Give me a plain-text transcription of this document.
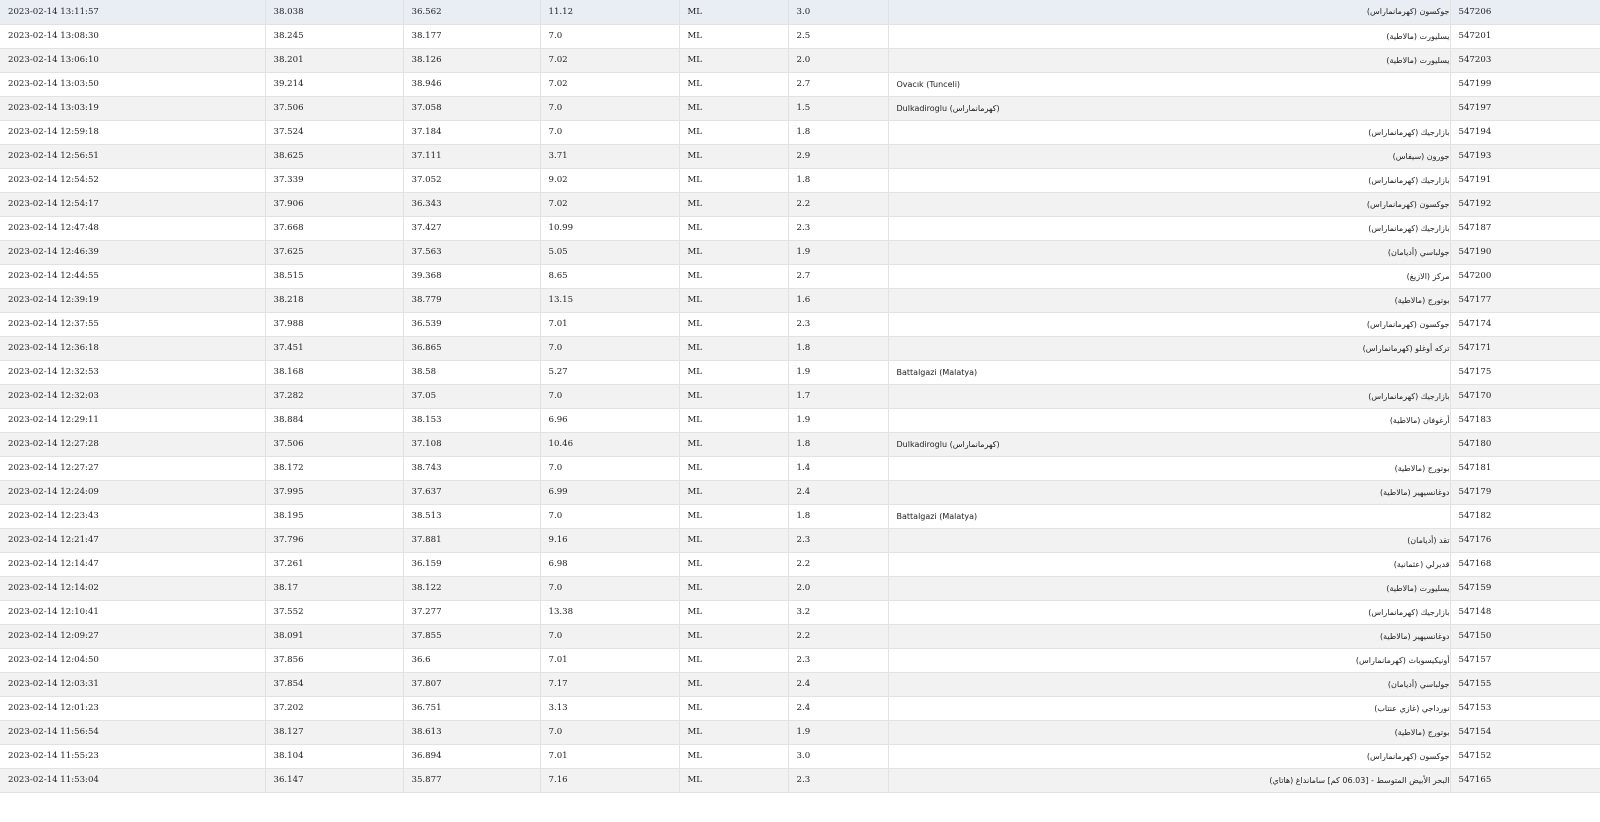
2023-02-14 13:11:57	38.038	36.562	11.12	ML	3.0	جوكسون (كهرمانماراس)	547206
2023-02-14 13:08:30	38.245	38.177	7.0	ML	2.5	يسليورت (مالاطية)	547201
2023-02-14 13:06:10	38.201	38.126	7.02	ML	2.0	يسليورت (مالاطية)	547203
2023-02-14 13:03:50	39.214	38.946	7.02	ML	2.7	Ovacık (Tunceli)	547199
2023-02-14 13:03:19	37.506	37.058	7.0	ML	1.5	Dulkadiroglu (كهرمانماراس)	547197
2023-02-14 12:59:18	37.524	37.184	7.0	ML	1.8	بازارجيك (كهرمانماراس)	547194
2023-02-14 12:56:51	38.625	37.111	3.71	ML	2.9	جورون (سيفاس)	547193
2023-02-14 12:54:52	37.339	37.052	9.02	ML	1.8	بازارجيك (كهرمانماراس)	547191
2023-02-14 12:54:17	37.906	36.343	7.02	ML	2.2	جوكسون (كهرمانماراس)	547192
2023-02-14 12:47:48	37.668	37.427	10.99	ML	2.3	بازارجيك (كهرمانماراس)	547187
2023-02-14 12:46:39	37.625	37.563	5.05	ML	1.9	جولباسي (أديامان)	547190
2023-02-14 12:44:55	38.515	39.368	8.65	ML	2.7	مركز (الازيغ)	547200
2023-02-14 12:39:19	38.218	38.779	13.15	ML	1.6	بوتورج (مالاطية)	547177
2023-02-14 12:37:55	37.988	36.539	7.01	ML	2.3	جوكسون (كهرمانماراس)	547174
2023-02-14 12:36:18	37.451	36.865	7.0	ML	1.8	تركه أوغلو (كهرمانماراس)	547171
2023-02-14 12:32:53	38.168	38.58	5.27	ML	1.9	Battalgazi (Malatya)	547175
2023-02-14 12:32:03	37.282	37.05	7.0	ML	1.7	بازارجيك (كهرمانماراس)	547170
2023-02-14 12:29:11	38.884	38.153	6.96	ML	1.9	أرغوفان (مالاطية)	547183
2023-02-14 12:27:28	37.506	37.108	10.46	ML	1.8	Dulkadiroglu (كهرمانماراس)	547180
2023-02-14 12:27:27	38.172	38.743	7.0	ML	1.4	بوتورج (مالاطية)	547181
2023-02-14 12:24:09	37.995	37.637	6.99	ML	2.4	دوغانسيهير (مالاطية)	547179
2023-02-14 12:23:43	38.195	38.513	7.0	ML	1.8	Battalgazi (Malatya)	547182
2023-02-14 12:21:47	37.796	37.881	9.16	ML	2.3	تقد (أديامان)	547176
2023-02-14 12:14:47	37.261	36.159	6.98	ML	2.2	قديرلي (عثمانية)	547168
2023-02-14 12:14:02	38.17	38.122	7.0	ML	2.0	يسليورت (مالاطية)	547159
2023-02-14 12:10:41	37.552	37.277	13.38	ML	3.2	بازارجيك (كهرمانماراس)	547148
2023-02-14 12:09:27	38.091	37.855	7.0	ML	2.2	دوغانسيهير (مالاطية)	547150
2023-02-14 12:04:50	37.856	36.6	7.01	ML	2.3	أونيكيسوباث (كهرمانماراس)	547157
2023-02-14 12:03:31	37.854	37.807	7.17	ML	2.4	جولباسي (أديامان)	547155
2023-02-14 12:01:23	37.202	36.751	3.13	ML	2.4	نورداجي (غازي عنتاب)	547153
2023-02-14 11:56:54	38.127	38.613	7.0	ML	1.9	بوتورج (مالاطية)	547154
2023-02-14 11:55:23	38.104	36.894	7.01	ML	3.0	جوكسون (كهرمانماراس)	547152
2023-02-14 11:53:04	36.147	35.877	7.16	ML	2.3	البحر الأبيض المتوسط - [06.03 كم] سامانداغ (هاتاي)	547165
